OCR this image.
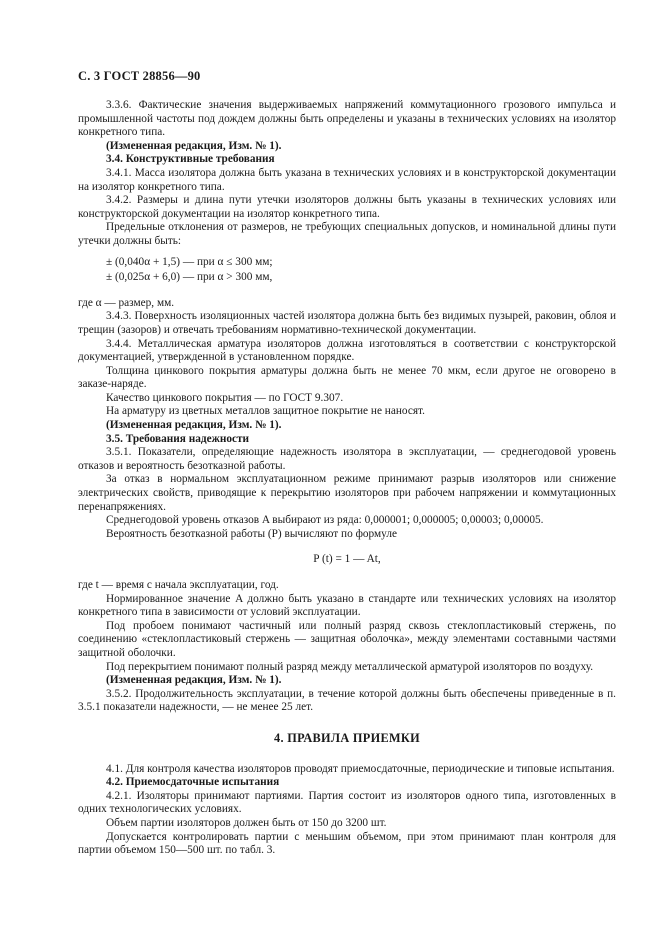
С. 3 ГОСТ 28856—90

3.3.6. Фактические значения выдерживаемых напряжений коммутационного грозового импульса и промышленной частоты под дождем должны быть определены и указаны в технических условиях на изолятор конкретного типа.

(Измененная редакция, Изм. № 1).

3.4. Конструктивные требования

3.4.1. Масса изолятора должна быть указана в технических условиях и в конструкторской документации на изолятор конкретного типа.

3.4.2. Размеры и длина пути утечки изоляторов должны быть указаны в технических условиях или конструкторской документации на изолятор конкретного типа.

Предельные отклонения от размеров, не требующих специальных допусков, и номинальной длины пути утечки должны быть:

± (0,040α + 1,5) — при α ≤ 300 мм;

± (0,025α + 6,0) — при α > 300 мм,

где α — размер, мм.

3.4.3. Поверхность изоляционных частей изолятора должна быть без видимых пузырей, раковин, облоя и трещин (зазоров) и отвечать требованиям нормативно-технической документации.

3.4.4. Металлическая арматура изоляторов должна изготовляться в соответствии с конструкторской документацией, утвержденной в установленном порядке.

Толщина цинкового покрытия арматуры должна быть не менее 70 мкм, если другое не оговорено в заказе-наряде.

Качество цинкового покрытия — по ГОСТ 9.307.

На арматуру из цветных металлов защитное покрытие не наносят.

(Измененная редакция, Изм. № 1).

3.5. Требования надежности

3.5.1. Показатели, определяющие надежность изолятора в эксплуатации, — среднегодовой уровень отказов и вероятность безотказной работы.

За отказ в нормальном эксплуатационном режиме принимают разрыв изоляторов или снижение электрических свойств, приводящие к перекрытию изоляторов при рабочем напряжении и коммутационных перенапряжениях.

Среднегодовой уровень отказов A выбирают из ряда: 0,000001; 0,000005; 0,00003; 0,00005.

Вероятность безотказной работы (P) вычисляют по формуле

P (t) = 1 — At,

где t — время с начала эксплуатации, год.

Нормированное значение A должно быть указано в стандарте или технических условиях на изолятор конкретного типа в зависимости от условий эксплуатации.

Под пробоем понимают частичный или полный разряд сквозь стеклопластиковый стержень, по соединению «стеклопластиковый стержень — защитная оболочка», между элементами составными частями защитной оболочки.

Под перекрытием понимают полный разряд между металлической арматурой изоляторов по воздуху.

(Измененная редакция, Изм. № 1).

3.5.2. Продолжительность эксплуатации, в течение которой должны быть обеспечены приведенные в п. 3.5.1 показатели надежности, — не менее 25 лет.

4. ПРАВИЛА ПРИЕМКИ

4.1. Для контроля качества изоляторов проводят приемосдаточные, периодические и типовые испытания.

4.2. Приемосдаточные испытания

4.2.1. Изоляторы принимают партиями. Партия состоит из изоляторов одного типа, изготовленных в одних технологических условиях.

Объем партии изоляторов должен быть от 150 до 3200 шт.

Допускается контролировать партии с меньшим объемом, при этом принимают план контроля для партии объемом 150—500 шт. по табл. 3.
